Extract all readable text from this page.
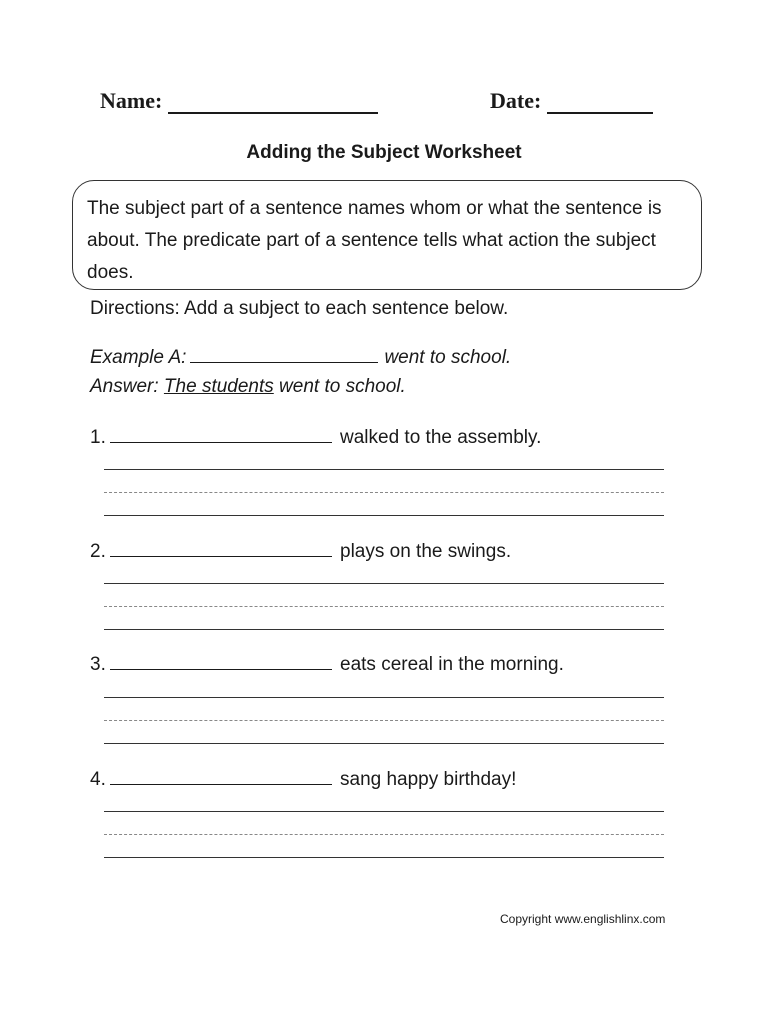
Name:	Date:
Adding the Subject Worksheet
The subject part of a sentence names whom or what the sentence is about. The predicate part of a sentence tells what action the subject does.
Directions: Add a subject to each sentence below.
Example A:	went to school.
Answer: The students went to school.
1.	walked to the assembly.
2.	plays on the swings.
3.	eats cereal in the morning.
4.	sang happy birthday!
Copyright www.englishlinx.com
